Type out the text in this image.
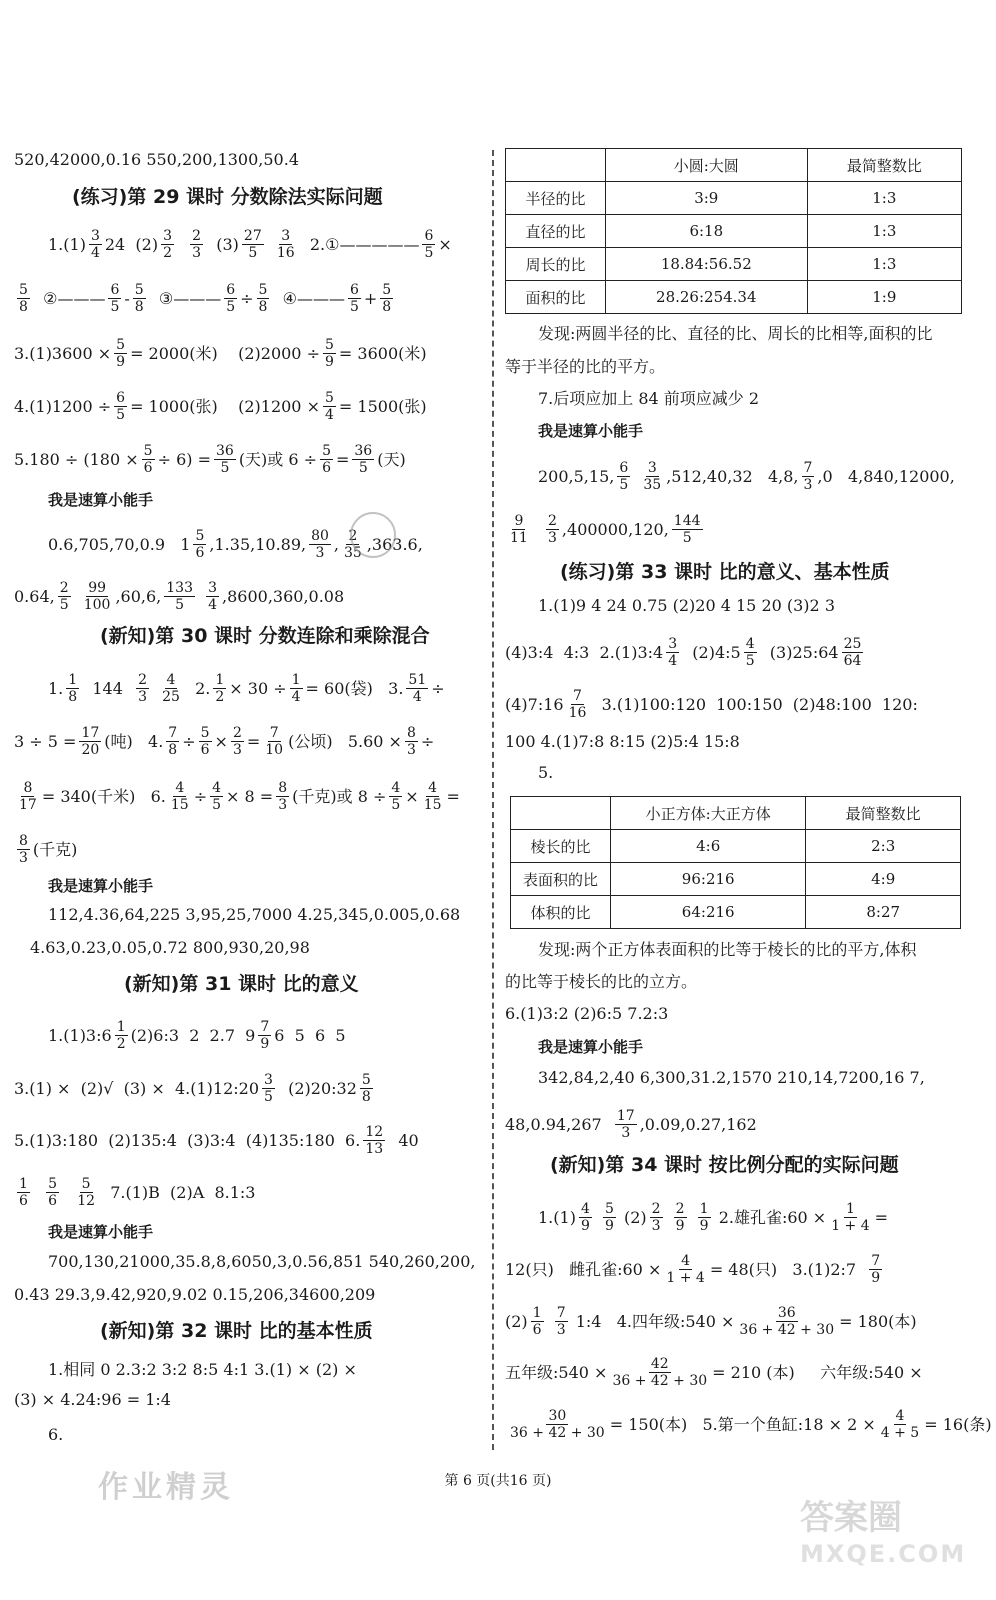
520,42000,0.16 550,200,1300,50.4
(练习)第 29 课时 分数除法实际问题
1.(1) 3
4 24  (2) 3
2

2
3
(3) 27
5

3
16
2.① ————— $\frac{6}{5}$ ×
5
8
② ——— 6
5 - 5
8
③ ——— $\frac{6}{5} \div \frac{5}{8}$
④ ——— 6
$5 + \frac{5}{8}$
$3.(1)3600 \times \frac{5}{9} = 2000$(米)    $(2)2000 \div \frac{5}{9} = 3600$(米)
$4.(1)1200 \div \frac{6}{5} = 1000$(张)    $(2)1200 \times \frac{5}{4} = 1500$(张)
$5.180 \div (180 \times \frac{5}{6} \div 6) = \frac{36}{5}$ (天)或 $6 \div \frac{5}{6} = \frac{36}{5}$ (天)
我是速算小能手
0.6,705,70,0.9   1 5
6 ,1.35,10.89, 80
3 , 2
35 ,363.6,
0.64, 2
5

99
100 ,60,6, 133
5

3
4 ,8600,360,0.08
(新知)第 30 课时 分数连除和乘除混合
1. 1
8
144
2
3

4
25
2. $\frac{1}{2} \times 30 \div \frac{1}{4} = 60$(袋)   3. $\frac{51}{4}$ ÷
$3 \div 5 = \frac{17}{20}$ (吨)   4. $\frac{7}{8} \div \frac{5}{6} \times \frac{2}{3} = \frac{7}{10}$ (公顷)   $5.60 \times \frac{8}{3}$ ÷
$\frac{8}{17} = 340$(千米)   6. $\frac{4}{15} \div \frac{4}{5} \times 8 = \frac{8}{3}$ (千克)或 $8 \div \frac{4}{5} \times \frac{4}{15}$ =
8
3 (千克)
我是速算小能手
112,4.36,64,225 3,95,25,7000 4.25,345,0.005,0.68
4.63,0.23,0.05,0.72 800,930,20,98
(新知)第 31 课时 比的意义
1.(1)3:6 1
2 (2)6:3  2  2.7  9 7
9 6  5  6  5
3.(1) ×  (2)√  (3) ×  4.(1)12:20 3
5
(2)20:32 5
8
5.(1)3:180  (2)135:4  (3)3:4  (4)135:180  6. 12
13
40
1
6

5
6

5
12
7.(1)B  (2)A  8.1:3
我是速算小能手
700,130,21000,35.8,8,6050,3,0.56,851 540,260,200,
0.43 29.3,9.42,920,9.02 0.15,206,34600,209
(新知)第 32 课时 比的基本性质
1.相同 0 2.3:2 3:2 8:5 4:1 3.(1) × (2) ×
(3) × 4.24:96 = 1:4
6.
	小圆:大圆	最简整数比
半径的比	3:9	1:3
直径的比	6:18	1:3
周长的比	18.84:56.52	1:3
面积的比	28.26:254.34	1:9
发现:两圆半径的比、直径的比、周长的比相等,面积的比
等于半径的比的平方。
7.后项应加上 84 前项应减少 2
我是速算小能手
200,5,15, 6
5

3
35 ,512,40,32   4,8, 7
3 ,0   4,840,12000,
9
11

2
3 ,400000,120, 144
5
(练习)第 33 课时 比的意义、基本性质
1.(1)9 4 24 0.75 (2)20 4 15 20 (3)2 3
(4)3:4  4:3  2.(1)3:4 3
4
(2)4:5 4
5
(3)25:64 25
64
(4)7:16 7
16
3.(1)100:120  100:150  (2)48:100  120:
100 4.(1)7:8 8:15 (2)5:4 15:8
5.
	小正方体:大正方体	最简整数比
棱长的比	4:6	2:3
表面积的比	96:216	4:9
体积的比	64:216	8:27
发现:两个正方体表面积的比等于棱长的比的平方,体积
的比等于棱长的比的立方。
6.(1)3:2 (2)6:5 7.2:3
我是速算小能手
342,84,2,40 6,300,31.2,1570 210,14,7200,16 7,
48,0.94,267
17
3 ,0.09,0.27,162
(新知)第 34 课时 按比例分配的实际问题
1.(1) 4
9

5
9
(2) 2
3

2
9

1
9
2.雄孔雀:60 × $\frac{1}{1 + 4}$ =
12(只)   雌孔雀:60 × $\frac{4}{1 + 4} = 48$(只)   3.(1)2:7
7
9
(2) 1
6

7
3
1:4   4.四年级:540 × $\frac{36}{36 + 42 + 30} = 180$(本)
五年级:540 × $\frac{42}{36 + 42 + 30} = 210$ (本)     六年级:540 ×
$\frac{30}{36 + 42 + 30} = 150$(本)   5.第一个鱼缸:18 × $2 \times \frac{4}{4 + 5} = 16$(条)
第 6 页(共16 页)
作业精灵
答案圈
MXQE.COM
